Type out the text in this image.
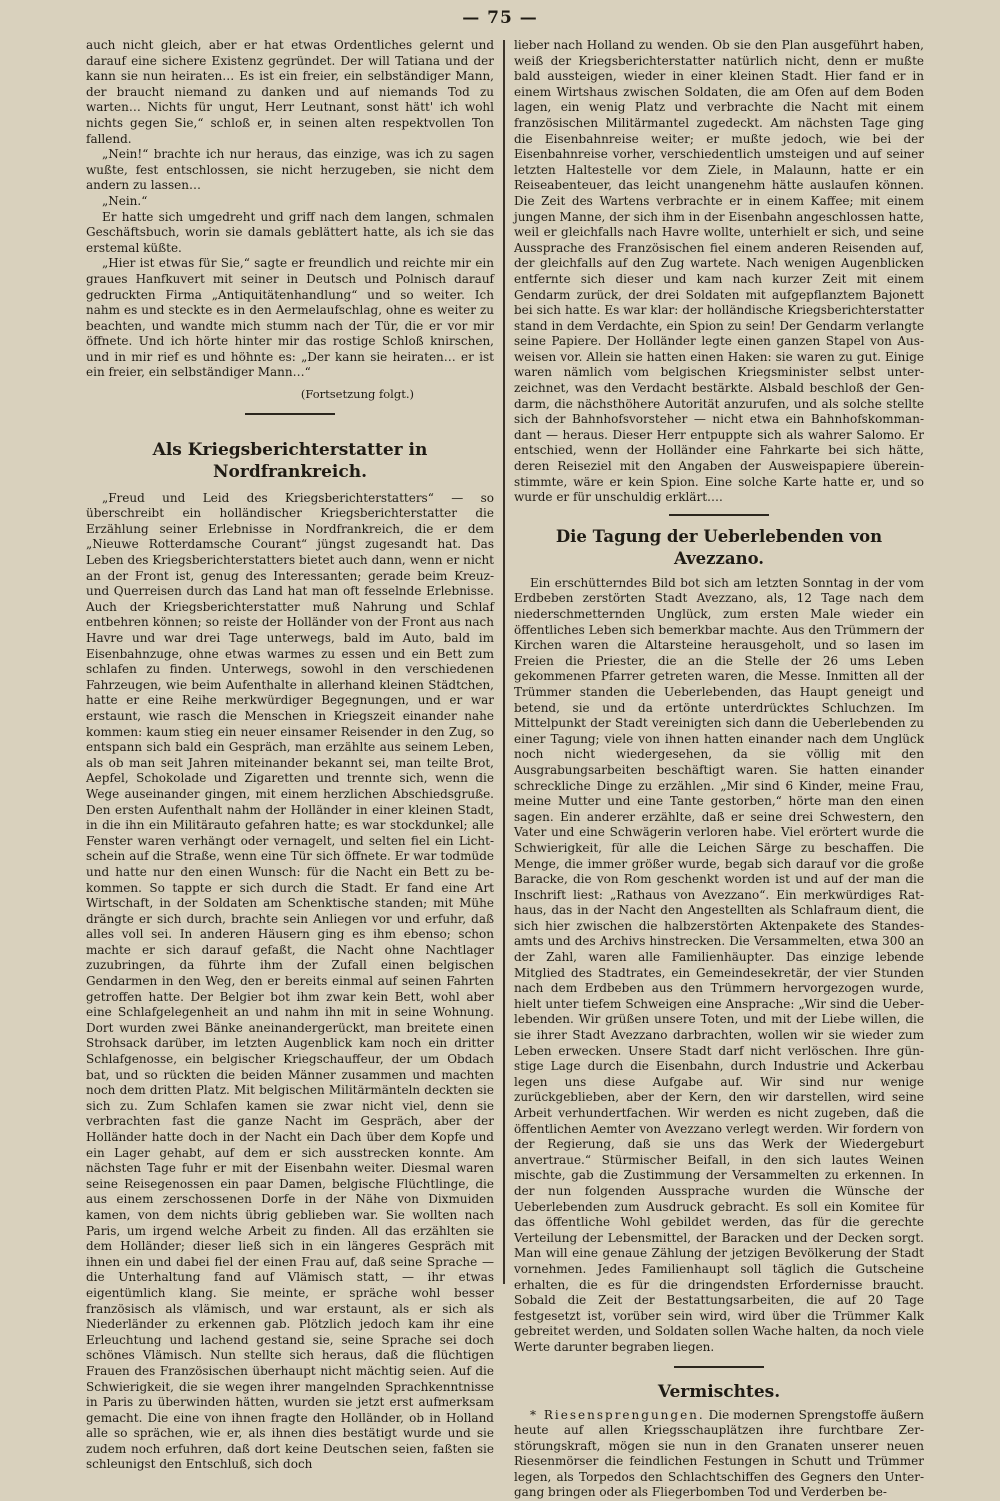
— 75 —

auch nicht gleich, aber er hat etwas Ordentliches gelernt und darauf eine sichere Existenz gegründet. Der will Tatiana und der kann sie nun heiraten… Es ist ein freier, ein selbständiger Mann, der braucht niemand zu danken und auf niemands Tod zu warten… Nichts für ungut, Herr Leutnant, sonst hätt' ich wohl nichts gegen Sie,“ schloß er, in seinen alten respektvollen Ton fallend.

„Nein!“ brachte ich nur heraus, das einzige, was ich zu sagen wußte, fest entschlossen, sie nicht herzugeben, sie nicht dem andern zu lassen…

„Nein.“

Er hatte sich umgedreht und griff nach dem langen, schmalen Geschäftsbuch, worin sie damals geblättert hatte, als ich sie das erstemal küßte.

„Hier ist etwas für Sie,“ sagte er freundlich und reichte mir ein graues Hanfkuvert mit seiner in Deutsch und Polnisch darauf gedruckten Firma „Antiquitätenhandlung“ und so weiter. Ich nahm es und steckte es in den Aermelaufschlag, ohne es weiter zu beachten, und wandte mich stumm nach der Tür, die er vor mir öffnete. Und ich hörte hinter mir das rostige Schloß knirschen, und in mir rief es und höhnte es: „Der kann sie heiraten… er ist ein freier, ein selbständiger Mann…“

(Fortsetzung folgt.)

Als Kriegsberichterstatter in Nordfrankreich.

„Freud und Leid des Kriegsberichterstatters“ — so überschreibt ein holländischer Kriegsberichterstatter die Erzählung seiner Erlebnisse in Nordfrankreich, die er dem „Nieuwe Rotterdamsche Courant“ jüngst zugesandt hat. Das Leben des Kriegsberichterstatters bietet auch dann, wenn er nicht an der Front ist, genug des Interessanten; gerade beim Kreuz- und Querreisen durch das Land hat man oft fesselnde Erlebnisse. Auch der Kriegsberichterstatter muß Nahrung und Schlaf entbehren können; so reiste der Holländer von der Front aus nach Havre und war drei Tage unterwegs, bald im Auto, bald im Eisenbahnzuge, ohne etwas warmes zu essen und ein Bett zum schlafen zu finden. Unterwegs, sowohl in den verschiedenen Fahrzeugen, wie beim Aufenthalte in allerhand kleinen Städtchen, hatte er eine Reihe merkwürdiger Begegnungen, und er war erstaunt, wie rasch die Menschen in Kriegszeit einander nahe kommen: kaum stieg ein neuer einsamer Reisender in den Zug, so entspann sich bald ein Gespräch, man erzählte aus seinem Leben, als ob man seit Jahren miteinander bekannt sei, man teilte Brot, Aepfel, Schokolade und Zigaretten und trennte sich, wenn die Wege auseinander gingen, mit einem herzlichen Abschiedsgruße. Den ersten Aufenthalt nahm der Holländer in einer kleinen Stadt, in die ihn ein Militärauto gefahren hatte; es war stockdunkel; alle Fenster waren verhängt oder vernagelt, und selten fiel ein Lichtschein auf die Straße, wenn eine Tür sich öffnete. Er war todmüde und hatte nur den einen Wunsch: für die Nacht ein Bett zu bekommen. So tappte er sich durch die Stadt. Er fand eine Art Wirtschaft, in der Soldaten am Schenktische standen; mit Mühe drängte er sich durch, brachte sein Anliegen vor und erfuhr, daß alles voll sei. In anderen Häusern ging es ihm ebenso; schon machte er sich darauf gefaßt, die Nacht ohne Nachtlager zuzubringen, da führte ihm der Zufall einen belgischen Gendarmen in den Weg, den er bereits einmal auf seinen Fahrten getroffen hatte. Der Belgier bot ihm zwar kein Bett, wohl aber eine Schlafgelegenheit an und nahm ihn mit in seine Wohnung. Dort wurden zwei Bänke aneinandergerückt, man breitete einen Strohsack darüber, im letzten Augenblick kam noch ein dritter Schlafgenosse, ein belgischer Kriegschauffeur, der um Obdach bat, und so rückten die beiden Männer zusammen und machten noch dem dritten Platz. Mit belgischen Militärmänteln deckten sie sich zu. Zum Schlafen kamen sie zwar nicht viel, denn sie verbrachten fast die ganze Nacht im Gespräch, aber der Holländer hatte doch in der Nacht ein Dach über dem Kopfe und ein Lager gehabt, auf dem er sich ausstrecken konnte. Am nächsten Tage fuhr er mit der Eisenbahn weiter. Diesmal waren seine Reisegenossen ein paar Damen, belgische Flüchtlinge, die aus einem zerschossenen Dorfe in der Nähe von Dixmuiden kamen, von dem nichts übrig geblieben war. Sie wollten nach Paris, um irgend welche Arbeit zu finden. All das erzählten sie dem Holländer; dieser ließ sich in ein längeres Gespräch mit ihnen ein und dabei fiel der einen Frau auf, daß seine Sprache — die Unterhaltung fand auf Vlämisch statt, — ihr etwas eigentümlich klang. Sie meinte, er spräche wohl besser französisch als vlämisch, und war erstaunt, als er sich als Niederländer zu erkennen gab. Plötzlich jedoch kam ihr eine Erleuchtung und lachend gestand sie, seine Sprache sei doch schönes Vlämisch. Nun stellte sich heraus, daß die flüchtigen Frauen des Französischen überhaupt nicht mächtig seien. Auf die Schwierigkeit, die sie wegen ihrer mangelnden Sprachkenntnisse in Paris zu überwinden hätten, wurden sie jetzt erst aufmerksam gemacht. Die eine von ihnen fragte den Holländer, ob in Holland alle so sprächen, wie er, als ihnen dies bestätigt wurde und sie zudem noch erfuhren, daß dort keine Deutschen seien, faßten sie schleunigst den Entschluß, sich doch

lieber nach Holland zu wenden. Ob sie den Plan ausgeführt haben, weiß der Kriegsberichterstatter natürlich nicht, denn er mußte bald aussteigen, wieder in einer kleinen Stadt. Hier fand er in einem Wirtshaus zwischen Soldaten, die am Ofen auf dem Boden lagen, ein wenig Platz und verbrachte die Nacht mit einem französischen Militärmantel zugedeckt. Am nächsten Tage ging die Eisenbahnreise weiter; er mußte jedoch, wie bei der Eisenbahnreise vorher, verschiedentlich umsteigen und auf seiner letzten Haltestelle vor dem Ziele, in Malaunn, hatte er ein Reiseabenteuer, das leicht unangenehm hätte auslaufen können. Die Zeit des Wartens verbrachte er in einem Kaffee; mit einem jungen Manne, der sich ihm in der Eisenbahn angeschlossen hatte, weil er gleichfalls nach Havre wollte, unterhielt er sich, und seine Aussprache des Französischen fiel einem anderen Reisenden auf, der gleichfalls auf den Zug wartete. Nach wenigen Augenblicken entfernte sich dieser und kam nach kurzer Zeit mit einem Gendarm zurück, der drei Soldaten mit aufgepflanztem Bajonett bei sich hatte. Es war klar: der holländische Kriegsberichterstatter stand in dem Verdachte, ein Spion zu sein! Der Gendarm verlangte seine Papiere. Der Holländer legte einen ganzen Stapel von Ausweisen vor. Allein sie hatten einen Haken: sie waren zu gut. Einige waren nämlich vom belgischen Kriegsminister selbst unterzeichnet, was den Verdacht bestärkte. Alsbald beschloß der Gendarm, die nächsthöhere Autorität anzurufen, und als solche stellte sich der Bahnhofsvorsteher — nicht etwa ein Bahnhofskommandant — heraus. Dieser Herr entpuppte sich als wahrer Salomo. Er entschied, wenn der Holländer eine Fahrkarte bei sich hätte, deren Reiseziel mit den Angaben der Ausweispapiere übereinstimmte, wäre er kein Spion. Eine solche Karte hatte er, und so wurde er für unschuldig erklärt….

Die Tagung der Ueberlebenden von Avezzano.

Ein erschütterndes Bild bot sich am letzten Sonntag in der vom Erdbeben zerstörten Stadt Avezzano, als, 12 Tage nach dem niederschmetternden Unglück, zum ersten Male wieder ein öffentliches Leben sich bemerkbar machte. Aus den Trümmern der Kirchen waren die Altarsteine herausgeholt, und so lasen im Freien die Priester, die an die Stelle der 26 ums Leben gekommenen Pfarrer getreten waren, die Messe. Inmitten all der Trümmer standen die Ueberlebenden, das Haupt geneigt und betend, sie und da ertönte unterdrücktes Schluchzen. Im Mittelpunkt der Stadt vereinigten sich dann die Ueberlebenden zu einer Tagung; viele von ihnen hatten einander nach dem Unglück noch nicht wiedergesehen, da sie völlig mit den Ausgrabungsarbeiten beschäftigt waren. Sie hatten einander schreckliche Dinge zu erzählen. „Mir sind 6 Kinder, meine Frau, meine Mutter und eine Tante gestorben,“ hörte man den einen sagen. Ein anderer erzählte, daß er seine drei Schwestern, den Vater und eine Schwägerin verloren habe. Viel erörtert wurde die Schwierigkeit, für alle die Leichen Särge zu beschaffen. Die Menge, die immer größer wurde, begab sich darauf vor die große Baracke, die von Rom geschenkt worden ist und auf der man die Inschrift liest: „Rathaus von Avezzano“. Ein merkwürdiges Rathaus, das in der Nacht den Angestellten als Schlafraum dient, die sich hier zwischen die halbzerstörten Aktenpakete des Standesamts und des Archivs hinstrecken. Die Versammelten, etwa 300 an der Zahl, waren alle Familienhäupter. Das einzige lebende Mitglied des Stadtrates, ein Gemeindesekretär, der vier Stunden nach dem Erdbeben aus den Trümmern hervorgezogen wurde, hielt unter tiefem Schweigen eine Ansprache: „Wir sind die Ueberlebenden. Wir grüßen unsere Toten, und mit der Liebe willen, die sie ihrer Stadt Avezzano darbrachten, wollen wir sie wieder zum Leben erwecken. Unsere Stadt darf nicht verlöschen. Ihre günstige Lage durch die Eisenbahn, durch Industrie und Ackerbau legen uns diese Aufgabe auf. Wir sind nur wenige zurückgeblieben, aber der Kern, den wir darstellen, wird seine Arbeit verhundertfachen. Wir werden es nicht zugeben, daß die öffentlichen Aemter von Avezzano verlegt werden. Wir fordern von der Regierung, daß sie uns das Werk der Wiedergeburt anvertraue.“ Stürmischer Beifall, in den sich lautes Weinen mischte, gab die Zustimmung der Versammelten zu erkennen. In der nun folgenden Aussprache wurden die Wünsche der Ueberlebenden zum Ausdruck gebracht. Es soll ein Komitee für das öffentliche Wohl gebildet werden, das für die gerechte Verteilung der Lebensmittel, der Baracken und der Decken sorgt. Man will eine genaue Zählung der jetzigen Bevölkerung der Stadt vornehmen. Jedes Familienhaupt soll täglich die Gutscheine erhalten, die es für die dringendsten Erfordernisse braucht. Sobald die Zeit der Bestattungsarbeiten, die auf 20 Tage festgesetzt ist, vorüber sein wird, wird über die Trümmer Kalk gebreitet werden, und Soldaten sollen Wache halten, da noch viele Werte darunter begraben liegen.

Vermischtes.

* Riesensprengungen. Die modernen Sprengstoffe äußern heute auf allen Kriegsschauplätzen ihre furchtbare Zerstörungskraft, mögen sie nun in den Granaten unserer neuen Riesenmörser die feindlichen Festungen in Schutt und Trümmer legen, als Torpedos den Schlachtschiffen des Gegners den Untergang bringen oder als Fliegerbomben Tod und Verderben be-
